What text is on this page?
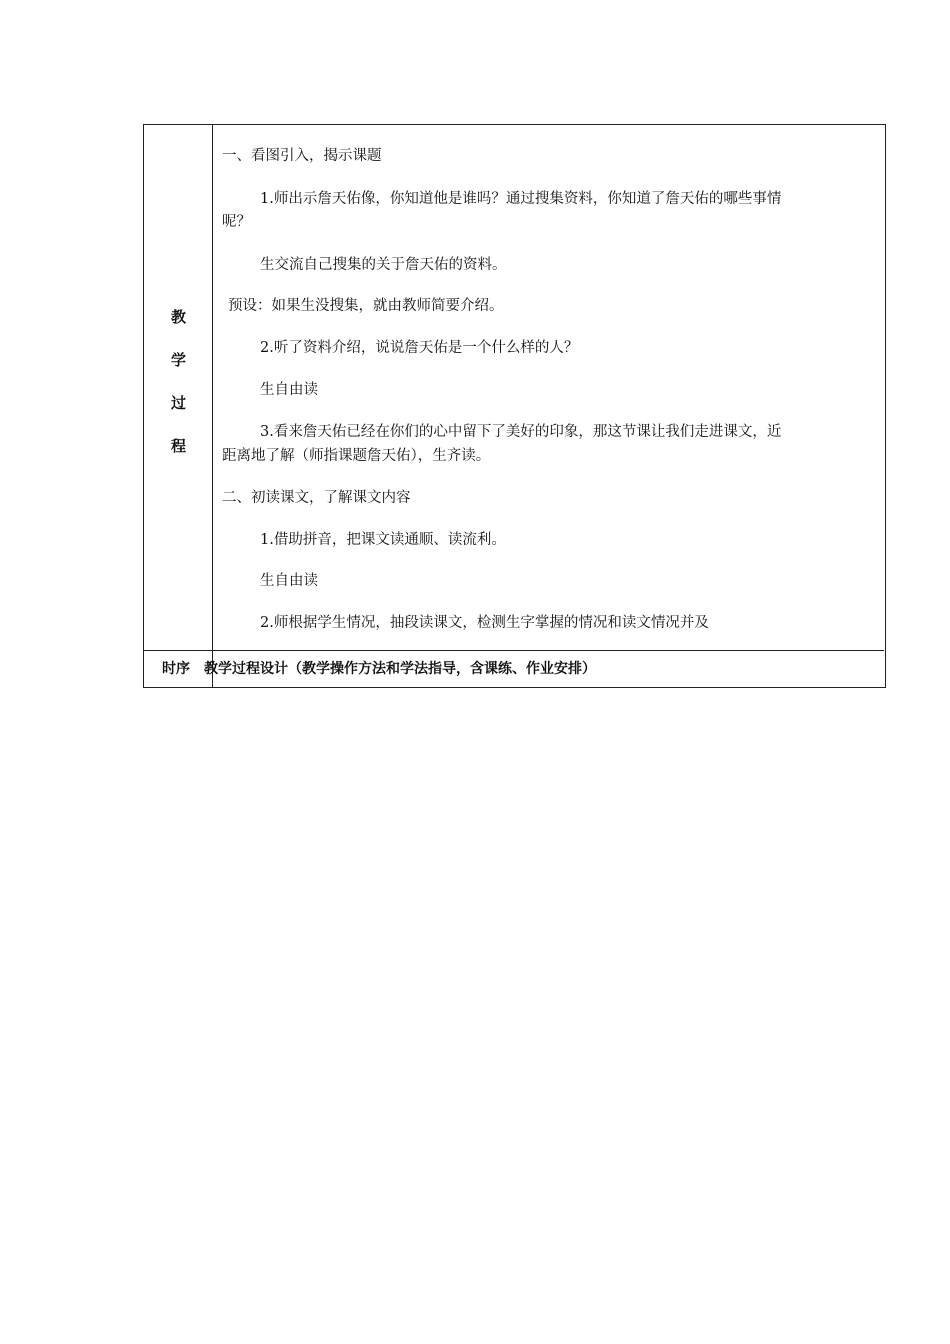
教
学
过
程
一、看图引入，揭示课题
1.师出示詹天佑像，你知道他是谁吗？通过搜集资料，你知道了詹天佑的哪些事情
呢？
生交流自己搜集的关于詹天佑的资料。
预设：如果生没搜集，就由教师简要介绍。
2.听了资料介绍，说说詹天佑是一个什么样的人？
生自由读
3.看来詹天佑已经在你们的心中留下了美好的印象，那这节课让我们走进课文，近
距离地了解（师指课题詹天佑），生齐读。
二、初读课文，了解课文内容
1.借助拼音，把课文读通顺、读流利。
生自由读
2.师根据学生情况，抽段读课文，检测生字掌握的情况和读文情况并及
时序　教学过程设计（教学操作方法和学法指导，含课练、作业安排）
